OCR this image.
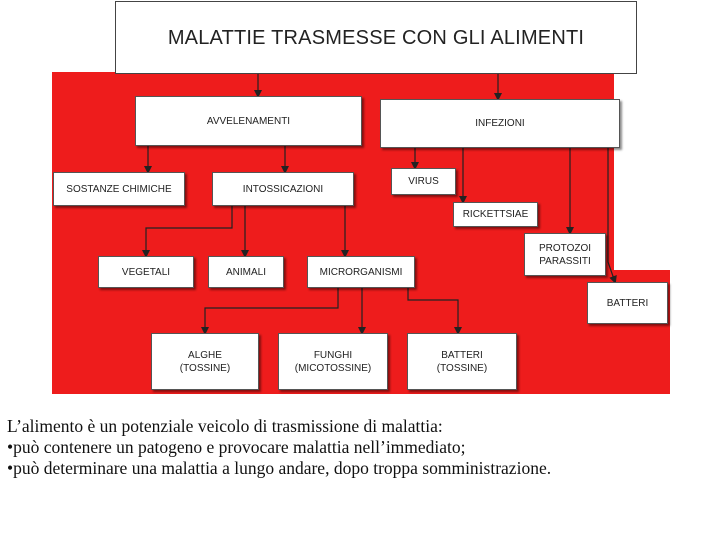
MALATTIE TRASMESSE CON GLI ALIMENTI
AVVELENAMENTI	INFEZIONI
SOSTANZE CHIMICHE	INTOSSICAZIONI
VIRUS
RICKETTSIAE
PROTOZOI
PARASSITI
BATTERI
VEGETALI	ANIMALI	MICRORGANISMI
ALGHE
(TOSSINE)
FUNGHI
(MICOTOSSINE)
BATTERI
(TOSSINE)
L’alimento è un potenziale veicolo di trasmissione di malattia:
•può contenere un patogeno e provocare malattia nell’immediato;
•può determinare una malattia a lungo andare, dopo troppa somministrazione.
